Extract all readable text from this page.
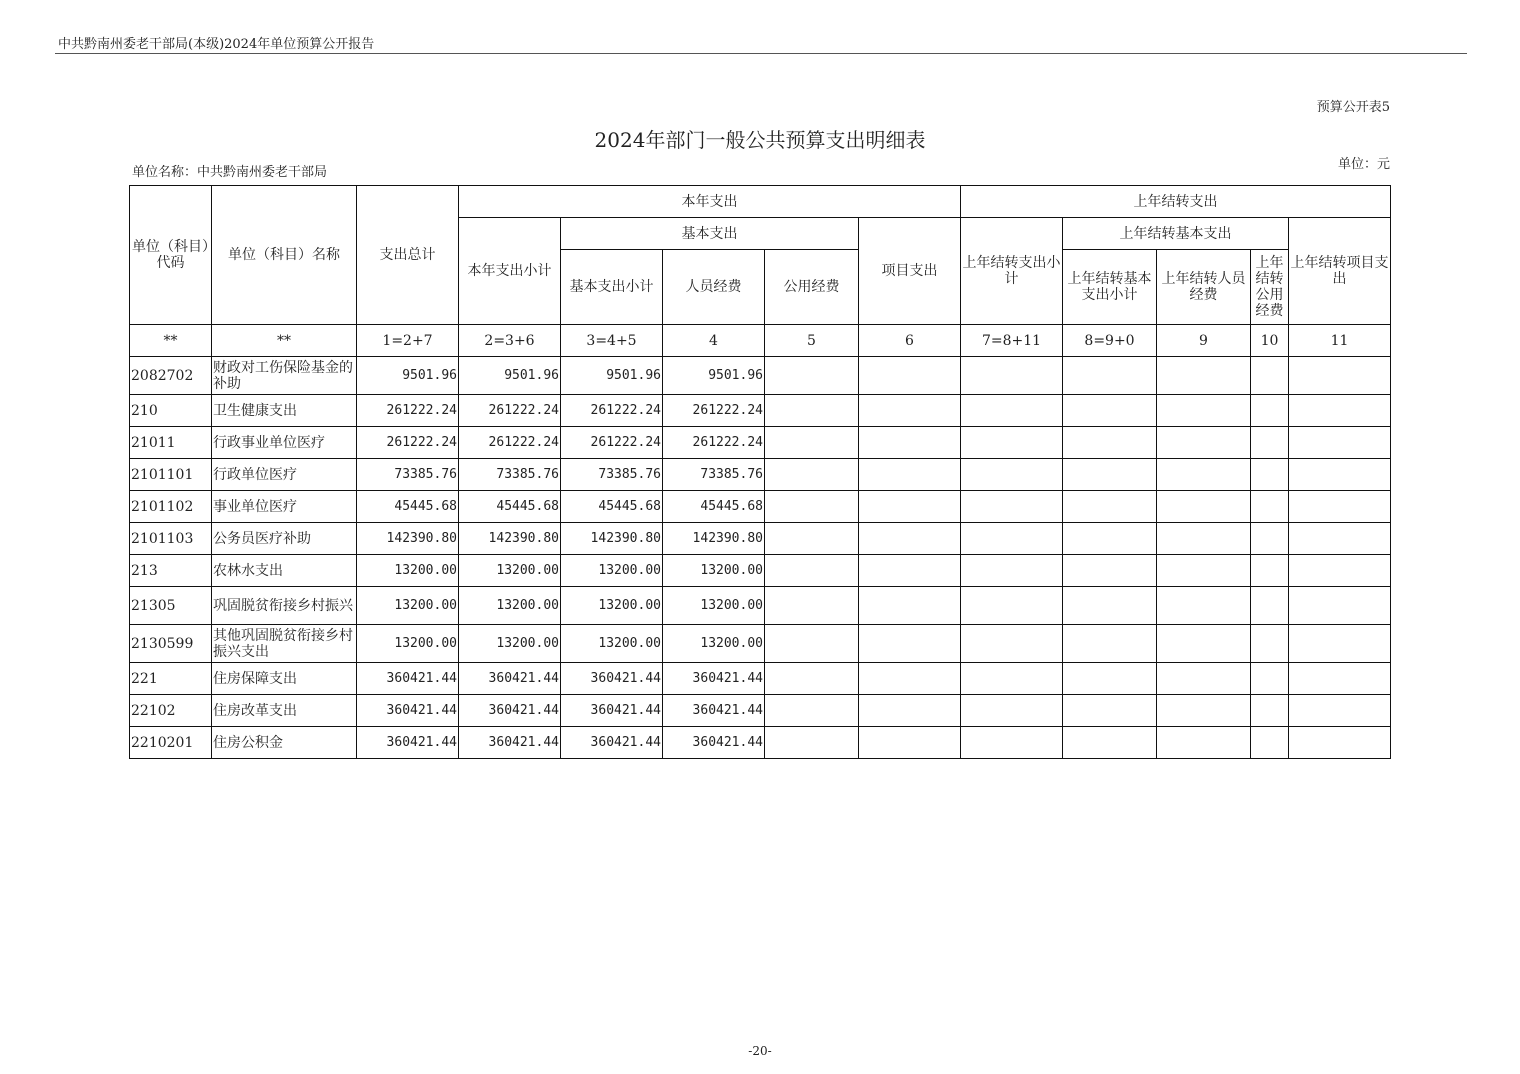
中共黔南州委老干部局(本级)2024年单位预算公开报告
预算公开表5
2024年部门一般公共预算支出明细表
单位名称：中共黔南州委老干部局
单位：元
单位（科目）代码	单位（科目）名称	支出总计	本年支出					上年结转支出				
			本年支出小计	基本支出			项目支出	上年结转支出小计	上年结转基本支出			上年结转项目支出
				基本支出小计	人员经费	公用经费			上年结转基本支出小计	上年结转人员经费	上年结转公用经费	
**	**	1=2+7	2=3+6	3=4+5	4	5	6	7=8+11	8=9+0	9	10	11
2082702	财政对工伤保险基金的补助	9501.96	9501.96	9501.96	9501.96							
210	卫生健康支出	261222.24	261222.24	261222.24	261222.24							
21011	行政事业单位医疗	261222.24	261222.24	261222.24	261222.24							
2101101	行政单位医疗	73385.76	73385.76	73385.76	73385.76							
2101102	事业单位医疗	45445.68	45445.68	45445.68	45445.68							
2101103	公务员医疗补助	142390.80	142390.80	142390.80	142390.80							
213	农林水支出	13200.00	13200.00	13200.00	13200.00							
21305	巩固脱贫衔接乡村振兴	13200.00	13200.00	13200.00	13200.00							
2130599	其他巩固脱贫衔接乡村振兴支出	13200.00	13200.00	13200.00	13200.00							
221	住房保障支出	360421.44	360421.44	360421.44	360421.44							
22102	住房改革支出	360421.44	360421.44	360421.44	360421.44							
2210201	住房公积金	360421.44	360421.44	360421.44	360421.44							
-20-
